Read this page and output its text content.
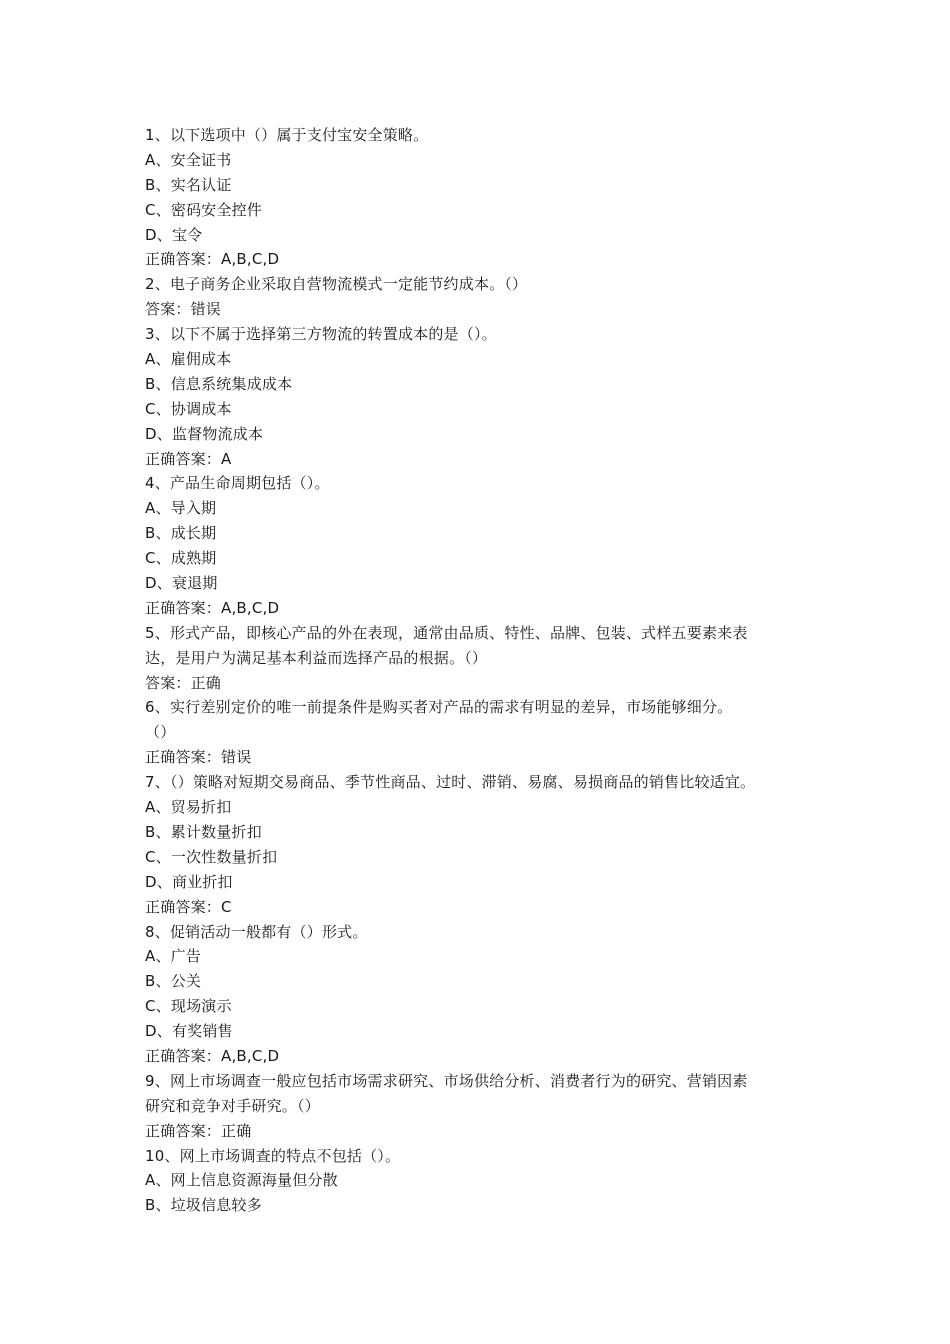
1、以下选项中（）属于支付宝安全策略。
A、安全证书
B、实名认证
C、密码安全控件
D、宝令
正确答案：A,B,C,D
2、电子商务企业采取自营物流模式一定能节约成本。（）
答案：错误
3、以下不属于选择第三方物流的转置成本的是（）。
A、雇佣成本
B、信息系统集成成本
C、协调成本
D、监督物流成本
正确答案：A
4、产品生命周期包括（）。
A、导入期
B、成长期
C、成熟期
D、衰退期
正确答案：A,B,C,D
5、形式产品，即核心产品的外在表现，通常由品质、特性、品牌、包装、式样五要素来表
达，是用户为满足基本利益而选择产品的根据。（）
答案：正确
6、实行差别定价的唯一前提条件是购买者对产品的需求有明显的差异，市场能够细分。
（）
正确答案：错误
7、（）策略对短期交易商品、季节性商品、过时、滞销、易腐、易损商品的销售比较适宜。
A、贸易折扣
B、累计数量折扣
C、一次性数量折扣
D、商业折扣
正确答案：C
8、促销活动一般都有（）形式。
A、广告
B、公关
C、现场演示
D、有奖销售
正确答案：A,B,C,D
9、网上市场调查一般应包括市场需求研究、市场供给分析、消费者行为的研究、营销因素
研究和竞争对手研究。（）
正确答案：正确
10、网上市场调查的特点不包括（）。
A、网上信息资源海量但分散
B、垃圾信息较多
